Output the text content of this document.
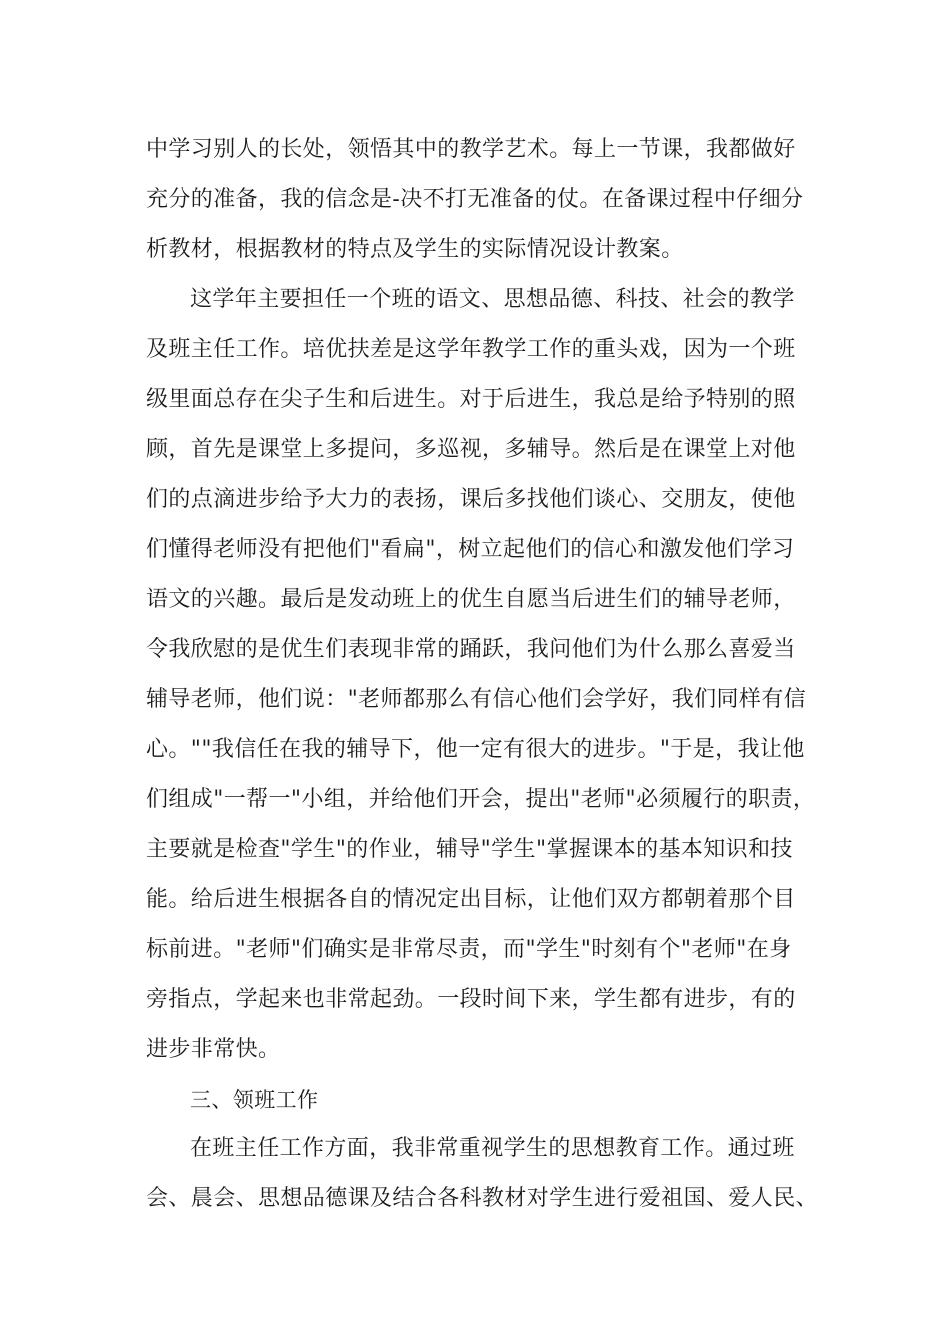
中学习别人的长处，领悟其中的教学艺术。每上一节课，我都做好
充分的准备，我的信念是-决不打无准备的仗。在备课过程中仔细分
析教材，根据教材的特点及学生的实际情况设计教案。
这学年主要担任一个班的语文、思想品德、科技、社会的教学
及班主任工作。培优扶差是这学年教学工作的重头戏，因为一个班
级里面总存在尖子生和后进生。对于后进生，我总是给予特别的照
顾，首先是课堂上多提问，多巡视，多辅导。然后是在课堂上对他
们的点滴进步给予大力的表扬，课后多找他们谈心、交朋友，使他
们懂得老师没有把他们"看扁"，树立起他们的信心和激发他们学习
语文的兴趣。最后是发动班上的优生自愿当后进生们的辅导老师，
令我欣慰的是优生们表现非常的踊跃，我问他们为什么那么喜爱当
辅导老师，他们说："老师都那么有信心他们会学好，我们同样有信
心。""我信任在我的辅导下，他一定有很大的进步。"于是，我让他
们组成"一帮一"小组，并给他们开会，提出"老师"必须履行的职责，
主要就是检查"学生"的作业，辅导"学生"掌握课本的基本知识和技
能。给后进生根据各自的情况定出目标，让他们双方都朝着那个目
标前进。"老师"们确实是非常尽责，而"学生"时刻有个"老师"在身
旁指点，学起来也非常起劲。一段时间下来，学生都有进步，有的
进步非常快。
三、领班工作
在班主任工作方面，我非常重视学生的思想教育工作。通过班
会、晨会、思想品德课及结合各科教材对学生进行爱祖国、爱人民、
